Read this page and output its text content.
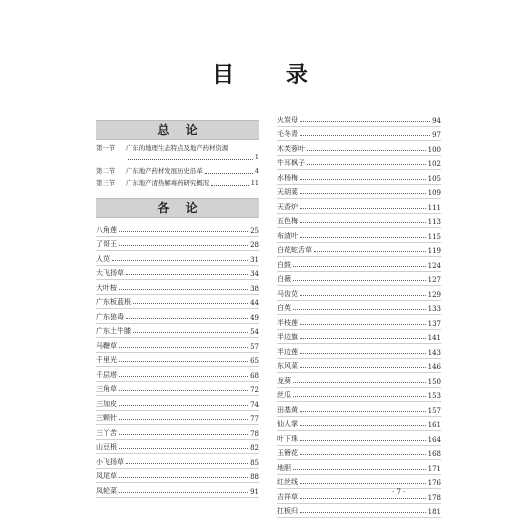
目 录
总 论
第一节	广东的地理生态特点及地产药材资源
1
第二节	广东地产药材发展历史沿革	4
第三节	广东地产清热解毒药研究概况	11
各 论
八角莲	25
了哥王	28
人苋	31
大飞扬草	34
大叶桉	38
广东板蓝根	44
广东狼毒	49
广东土牛膝	54
马鞭草	57
千里光	65
千层塔	68
三角草	72
三加皮	74
三颗针	77
三丫苦	78
山豆根	82
小飞扬草	85
凤尾草	88
凤轮菜	91
火炭母	94
毛冬青	97
木芙蓉叶	100
牛耳枫子	102
水杨梅	105
天胡荽	109
天香炉	111
五色梅	113
布渣叶	115
白花蛇舌草	119
白鼓	124
白薇	127
马齿苋	129
白英	133
半枝莲	137
半边旗	141
半边莲	143
东风菜	146
龙葵	150
丝瓜	153
田基黄	157
仙人掌	161
叶下珠	164
玉簪花	168
地胆	171
红丝线	176
吉祥草	178
扛板归	181
· 7 ·
